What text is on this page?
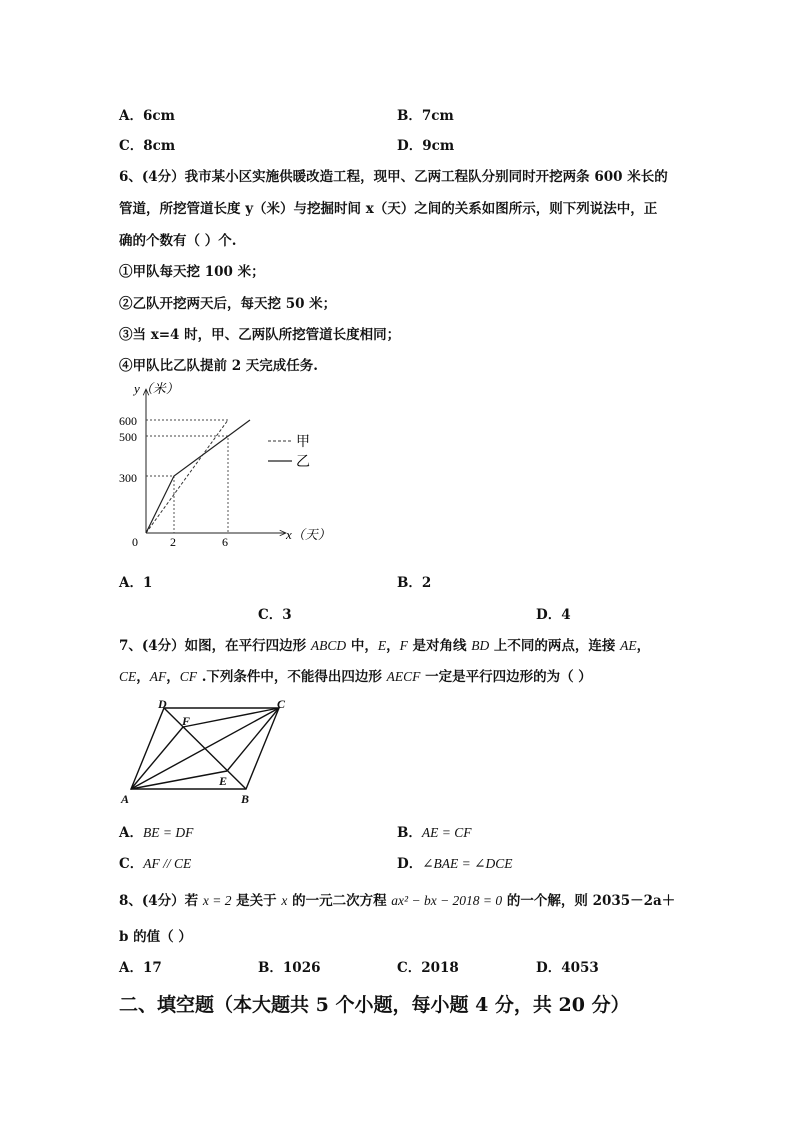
A．6cm	B．7cm
C．8cm	D．9cm
6、(4分）我市某小区实施供暖改造工程，现甲、乙两工程队分别同时开挖两条 600 米长的
管道，所挖管道长度 y（米）与挖掘时间 x（天）之间的关系如图所示，则下列说法中，正
确的个数有（ ）个.
①甲队每天挖 100 米；
②乙队开挖两天后，每天挖 50 米；
③当 x=4 时，甲、乙两队所挖管道长度相同；
④甲队比乙队提前 2 天完成任务.
y（米）
x（天）
0
600
500
300
2	6
甲
乙
A．1	B．2
C．3	D．4
7、(4分）如图，在平行四边形 ABCD 中，E，F 是对角线 BD 上不同的两点，连接 AE，
CE，AF，CF .下列条件中，不能得出四边形 AECF 一定是平行四边形的为（ ）
A	B
C
D
E
F
A．BE = DF	B．AE = CF
C．AF // CE	D．∠BAE = ∠DCE
8、(4分）若 x = 2 是关于 x 的一元二次方程 ax² − bx − 2018 = 0 的一个解，则 2035－2a＋
b 的值（ ）
A．17	B．1026	C．2018	D．4053
二、填空题（本大题共 5 个小题，每小题 4 分，共 20 分）
